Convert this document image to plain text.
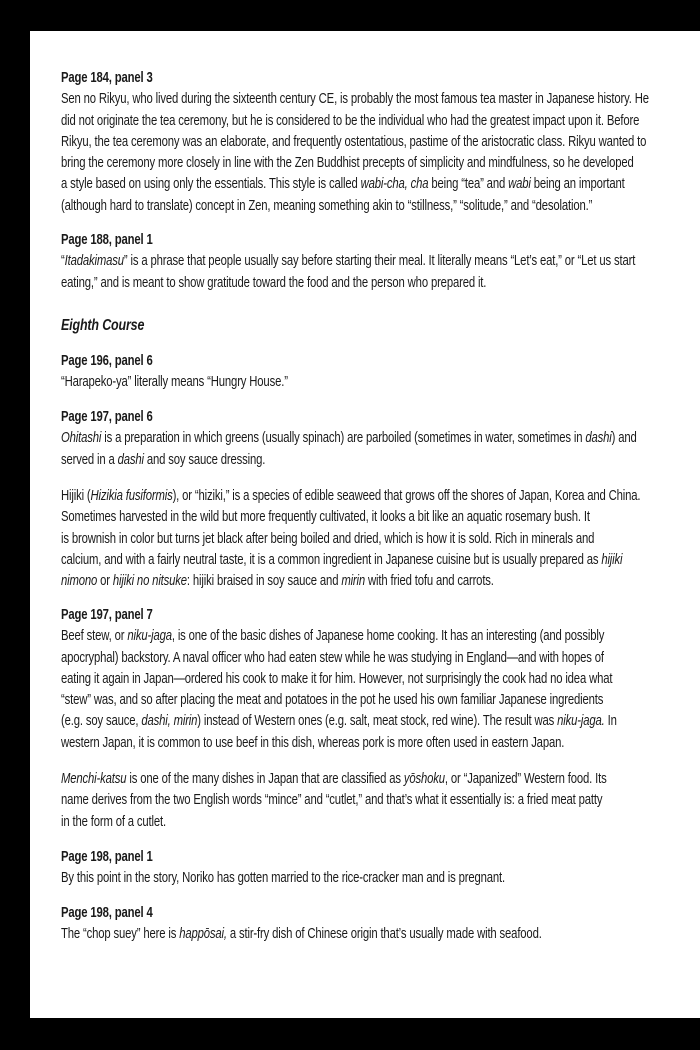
Page 184, panel 3
Sen no Rikyu, who lived during the sixteenth century CE, is probably the most famous tea master in Japanese history. He
did not originate the tea ceremony, but he is considered to be the individual who had the greatest impact upon it. Before
Rikyu, the tea ceremony was an elaborate, and frequently ostentatious, pastime of the aristocratic class. Rikyu wanted to
bring the ceremony more closely in line with the Zen Buddhist precepts of simplicity and mindfulness, so he developed
a style based on using only the essentials. This style is called wabi-cha, cha being “tea” and wabi being an important
(although hard to translate) concept in Zen, meaning something akin to “stillness,” “solitude,” and “desolation.”
Page 188, panel 1
“Itadakimasu” is a phrase that people usually say before starting their meal. It literally means “Let’s eat,” or “Let us start
eating,” and is meant to show gratitude toward the food and the person who prepared it.
Eighth Course
Page 196, panel 6
“Harapeko-ya” literally means “Hungry House.”
Page 197, panel 6
Ohitashi is a preparation in which greens (usually spinach) are parboiled (sometimes in water, sometimes in dashi) and
served in a dashi and soy sauce dressing.
Hijiki (Hizikia fusiformis), or “hiziki,” is a species of edible seaweed that grows off the shores of Japan, Korea and China.
Sometimes harvested in the wild but more frequently cultivated, it looks a bit like an aquatic rosemary bush. It
is brownish in color but turns jet black after being boiled and dried, which is how it is sold. Rich in minerals and
calcium, and with a fairly neutral taste, it is a common ingredient in Japanese cuisine but is usually prepared as hijiki
nimono or hijiki no nitsuke: hijiki braised in soy sauce and mirin with fried tofu and carrots.
Page 197, panel 7
Beef stew, or niku-jaga, is one of the basic dishes of Japanese home cooking. It has an interesting (and possibly
apocryphal) backstory. A naval officer who had eaten stew while he was studying in England—and with hopes of
eating it again in Japan—ordered his cook to make it for him. However, not surprisingly the cook had no idea what
“stew” was, and so after placing the meat and potatoes in the pot he used his own familiar Japanese ingredients
(e.g. soy sauce, dashi, mirin) instead of Western ones (e.g. salt, meat stock, red wine). The result was niku-jaga. In
western Japan, it is common to use beef in this dish, whereas pork is more often used in eastern Japan.
Menchi-katsu is one of the many dishes in Japan that are classified as yōshoku, or “Japanized” Western food. Its
name derives from the two English words “mince” and “cutlet,” and that’s what it essentially is: a fried meat patty
in the form of a cutlet.
Page 198, panel 1
By this point in the story, Noriko has gotten married to the rice-cracker man and is pregnant.
Page 198, panel 4
The “chop suey” here is happōsai, a stir-fry dish of Chinese origin that’s usually made with seafood.
